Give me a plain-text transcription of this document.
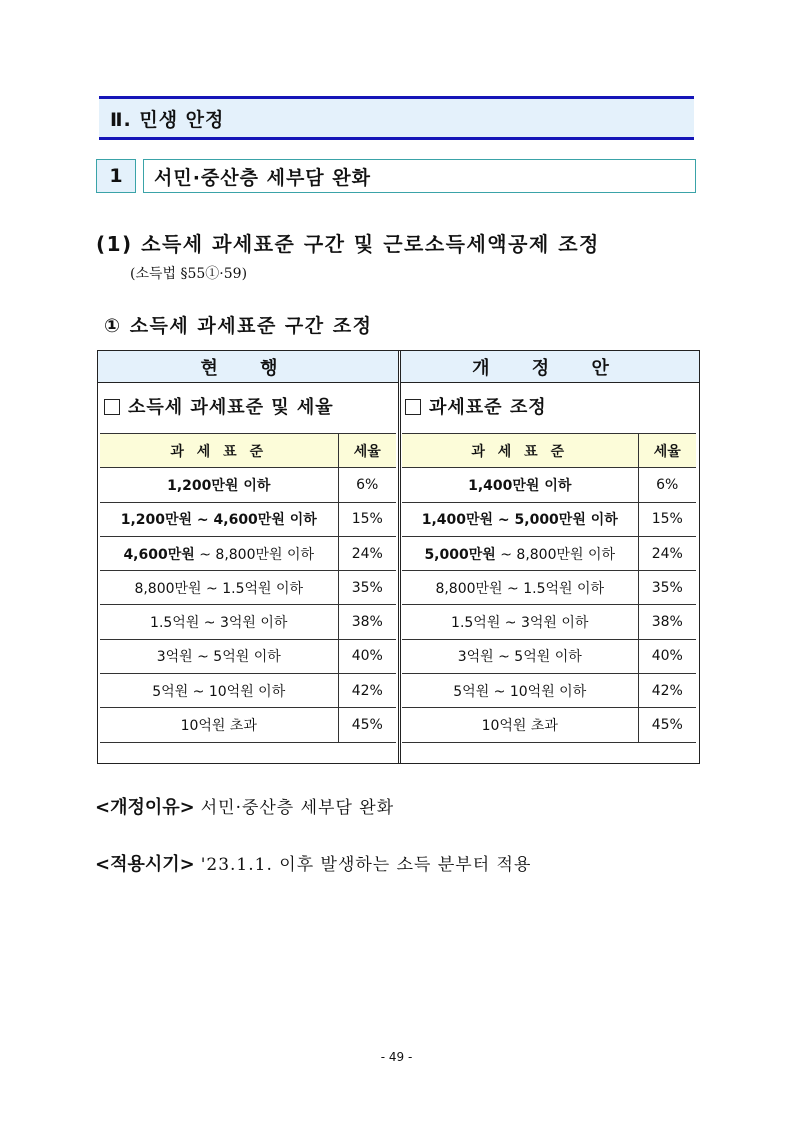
Ⅱ. 민생 안정
1	서민·중산층 세부담 완화
(1) 소득세 과세표준 구간 및 근로소득세액공제 조정
(소득법 §55①·59)
① 소득세 과세표준 구간 조정
현 행	개 정 안
소득세 과세표준 및 세율	과세표준 조정
과 세 표 준	세율
1,200만원 이하	6%
1,200만원 ~ 4,600만원 이하	15%
4,600만원 ~ 8,800만원 이하	24%
8,800만원 ~ 1.5억원 이하	35%
1.5억원 ~ 3억원 이하	38%
3억원 ~ 5억원 이하	40%
5억원 ~ 10억원 이하	42%
10억원 초과	45%
과 세 표 준	세율
1,400만원 이하	6%
1,400만원 ~ 5,000만원 이하	15%
5,000만원 ~ 8,800만원 이하	24%
8,800만원 ~ 1.5억원 이하	35%
1.5억원 ~ 3억원 이하	38%
3억원 ~ 5억원 이하	40%
5억원 ~ 10억원 이하	42%
10억원 초과	45%
<개정이유> 서민·중산층 세부담 완화
<적용시기> '23.1.1. 이후 발생하는 소득 분부터 적용
- 49 -
